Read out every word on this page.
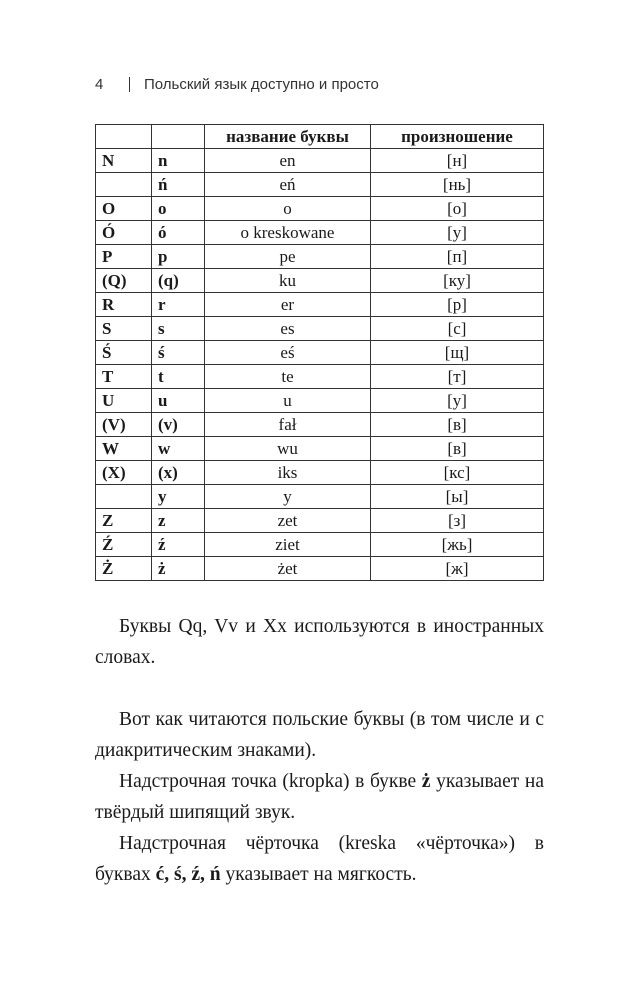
4	Польский язык доступно и просто
		название буквы	произношение
N	n	en	[н]
	ń	eń	[нь]
O	o	o	[о]
Ó	ó	o kreskowane	[у]
P	p	pe	[п]
(Q)	(q)	ku	[ку]
R	r	er	[р]
S	s	es	[с]
Ś	ś	eś	[щ]
T	t	te	[т]
U	u	u	[у]
(V)	(v)	fał	[в]
W	w	wu	[в]
(X)	(x)	iks	[кс]
	y	y	[ы]
Z	z	zet	[з]
Ź	ź	ziet	[жь]
Ż	ż	żet	[ж]

Буквы Qq, Vv и Xx используются в иностранных словах.

Вот как читаются польские буквы (в том числе и с диакритическим знаками).

Надстрочная точка (kropka) в букве ż указывает на твёрдый шипящий звук.

Надстрочная чёрточка (kreska «чёрточка») в буквах ć, ś, ź, ń указывает на мягкость.
